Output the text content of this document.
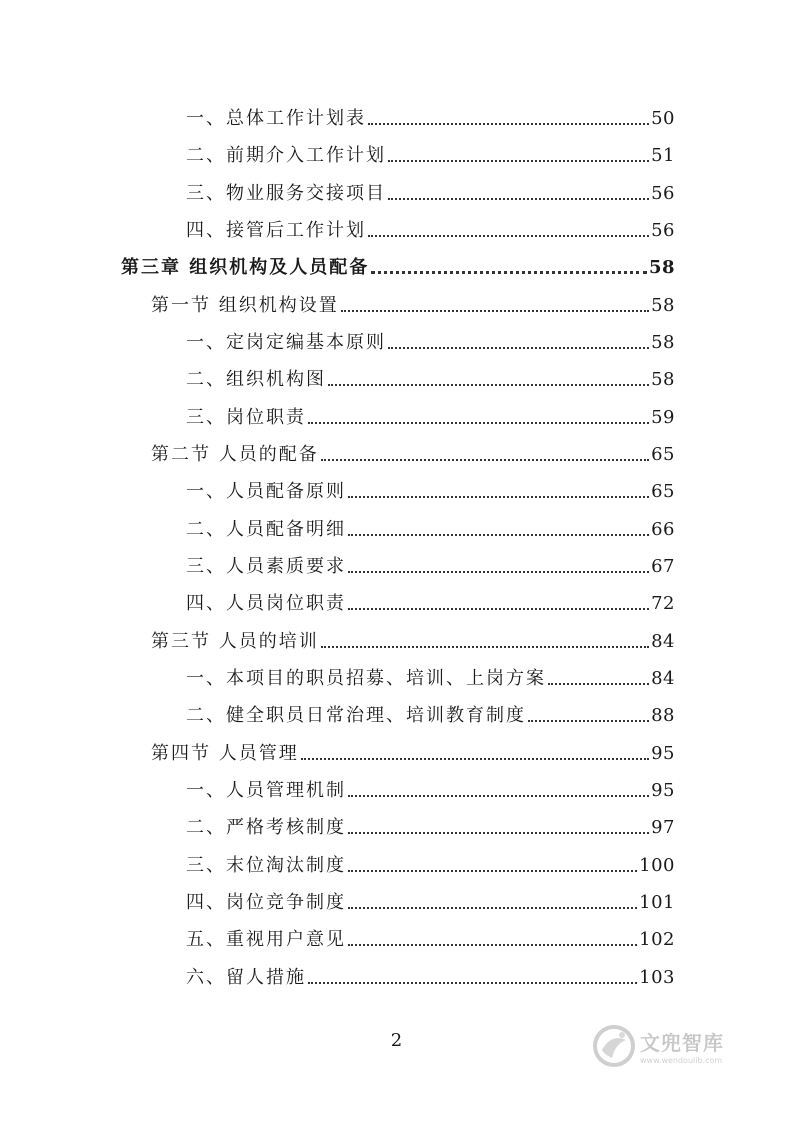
一、总体工作计划表	50
二、前期介入工作计划	51
三、物业服务交接项目	56
四、接管后工作计划	56
第三章 组织机构及人员配备	58
第一节 组织机构设置	58
一、定岗定编基本原则	58
二、组织机构图	58
三、岗位职责	59
第二节 人员的配备	65
一、人员配备原则	65
二、人员配备明细	66
三、人员素质要求	67
四、人员岗位职责	72
第三节 人员的培训	84
一、本项目的职员招募、培训、上岗方案	84
二、健全职员日常治理、培训教育制度	88
第四节 人员管理	95
一、人员管理机制	95
二、严格考核制度	97
三、末位淘汰制度	100
四、岗位竞争制度	101
五、重视用户意见	102
六、留人措施	103
2	文兜智库
www.wendoulib.com
